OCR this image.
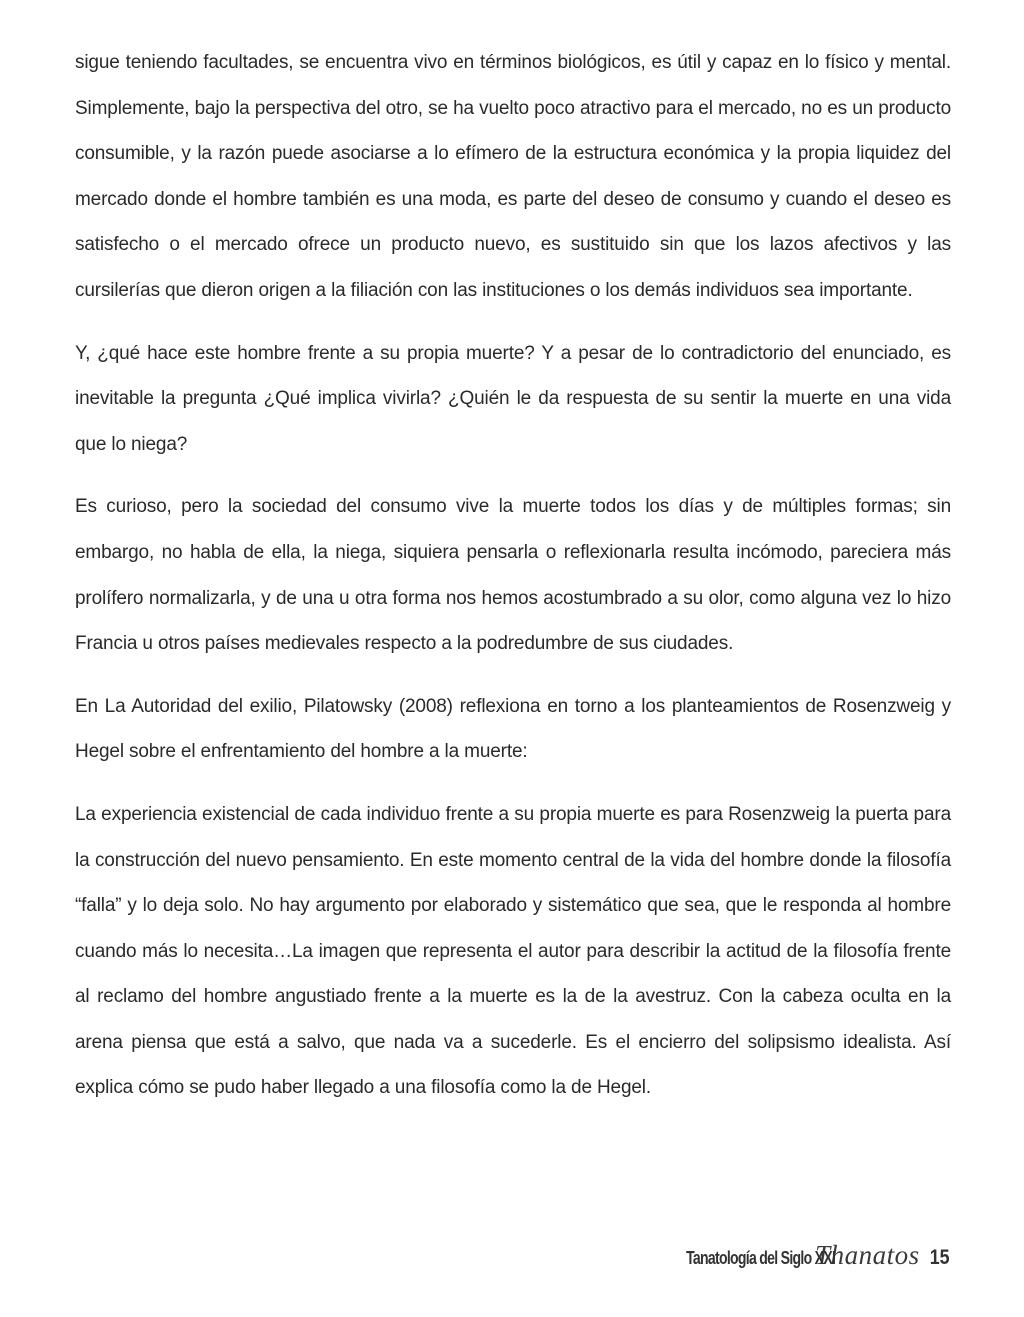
sigue teniendo facultades, se encuentra vivo en términos biológicos, es útil y capaz en lo físico y mental. Simplemente, bajo la perspectiva del otro, se ha vuelto poco atractivo para el mercado, no es un producto consumible, y la razón puede asociarse a lo efímero de la estructura económica y la propia liquidez del mercado donde el hombre también es una moda, es parte del deseo de consumo y cuando el deseo es satisfecho o el mercado ofrece un producto nuevo, es sustituido sin que los lazos afectivos y las cursilerías que dieron origen a la filiación con las instituciones o los demás individuos sea importante.

Y, ¿qué hace este hombre frente a su propia muerte? Y a pesar de lo contradictorio del enunciado, es inevitable la pregunta ¿Qué implica vivirla? ¿Quién le da respuesta de su sentir la muerte en una vida que lo niega?

Es curioso, pero la sociedad del consumo vive la muerte todos los días y de múltiples formas; sin embargo, no habla de ella, la niega, siquiera pensarla o reflexionarla resulta incómodo, pareciera más prolífero normalizarla, y de una u otra forma nos hemos acostumbrado a su olor, como alguna vez lo hizo Francia u otros países medievales respecto a la podredumbre de sus ciudades.

En La Autoridad del exilio, Pilatowsky (2008) reflexiona en torno a los planteamientos de Rosenzweig y Hegel sobre el enfrentamiento del hombre a la muerte:

La experiencia existencial de cada individuo frente a su propia muerte es para Rosenzweig la puerta para la construcción del nuevo pensamiento. En este momento central de la vida del hombre donde la filosofía “falla” y lo deja solo. No hay argumento por elaborado y sistemático que sea, que le responda al hombre cuando más lo necesita…La imagen que representa el autor para describir la actitud de la filosofía frente al reclamo del hombre angustiado frente a la muerte es la de la avestruz. Con la cabeza oculta en la arena piensa que está a salvo, que nada va a sucederle. Es el encierro del solipsismo idealista. Así explica cómo se pudo haber llegado a una filosofía como la de Hegel.

Tanatología del Siglo XXI
Thanatos 15
